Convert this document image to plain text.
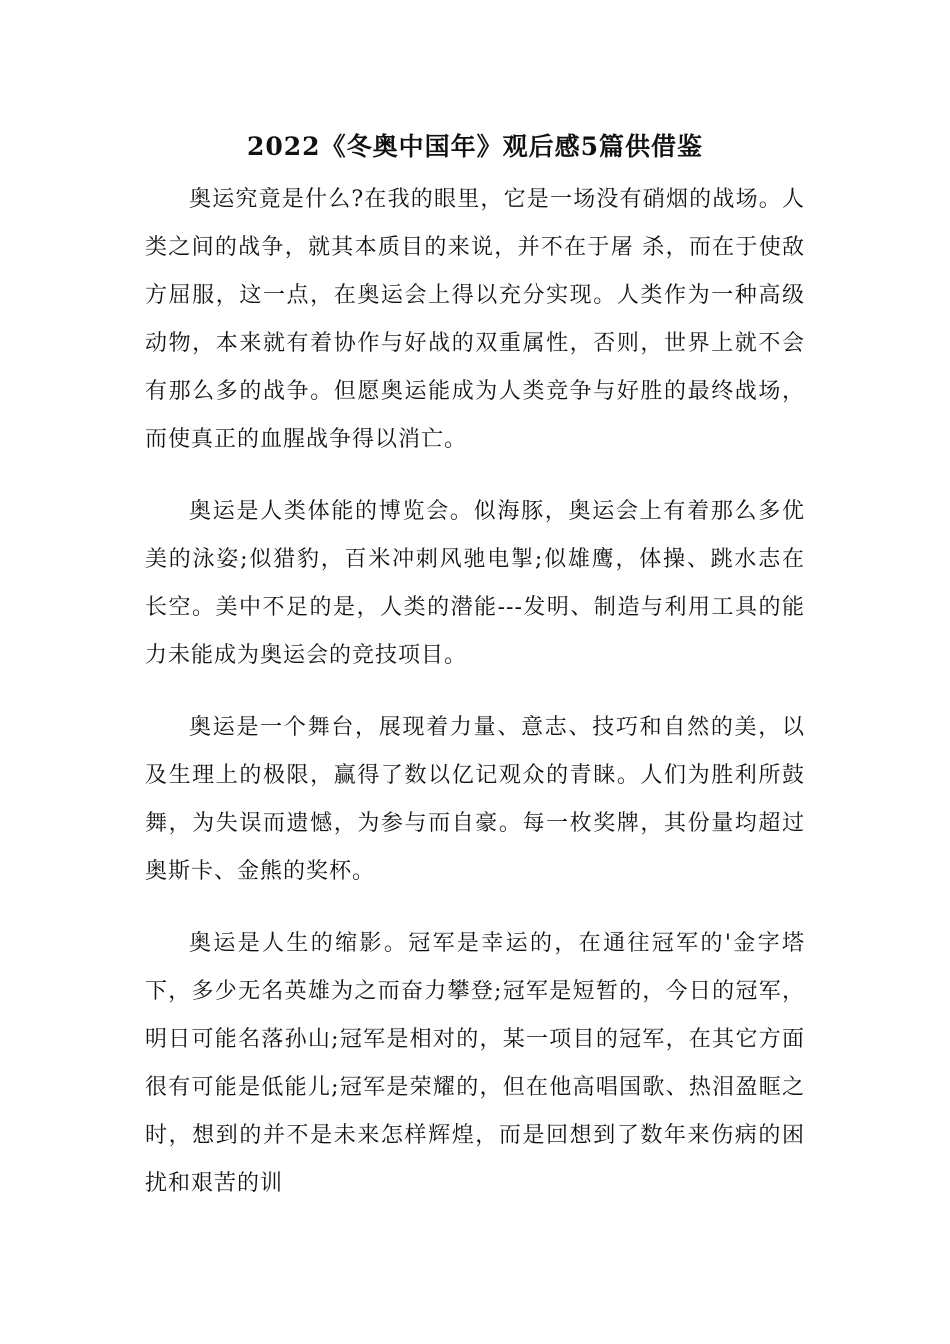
2022《冬奥中国年》观后感5篇供借鉴

奥运究竟是什么?在我的眼里，它是一场没有硝烟的战场。人类之间的战争，就其本质目的来说，并不在于屠 杀，而在于使敌方屈服，这一点，在奥运会上得以充分实现。人类作为一种高级动物，本来就有着协作与好战的双重属性，否则，世界上就不会有那么多的战争。但愿奥运能成为人类竞争与好胜的最终战场，而使真正的血腥战争得以消亡。

奥运是人类体能的博览会。似海豚，奥运会上有着那么多优美的泳姿;似猎豹，百米冲刺风驰电掣;似雄鹰，体操、跳水志在长空。美中不足的是，人类的潜能---发明、制造与利用工具的能力未能成为奥运会的竞技项目。

奥运是一个舞台，展现着力量、意志、技巧和自然的美，以及生理上的极限，赢得了数以亿记观众的青睐。人们为胜利所鼓舞，为失误而遗憾，为参与而自豪。每一枚奖牌，其份量均超过奥斯卡、金熊的奖杯。

奥运是人生的缩影。冠军是幸运的，在通往冠军的'金字塔下，多少无名英雄为之而奋力攀登;冠军是短暂的，今日的冠军，明日可能名落孙山;冠军是相对的，某一项目的冠军，在其它方面很有可能是低能儿;冠军是荣耀的，但在他高唱国歌、热泪盈眶之时，想到的并不是未来怎样辉煌，而是回想到了数年来伤病的困扰和艰苦的训
